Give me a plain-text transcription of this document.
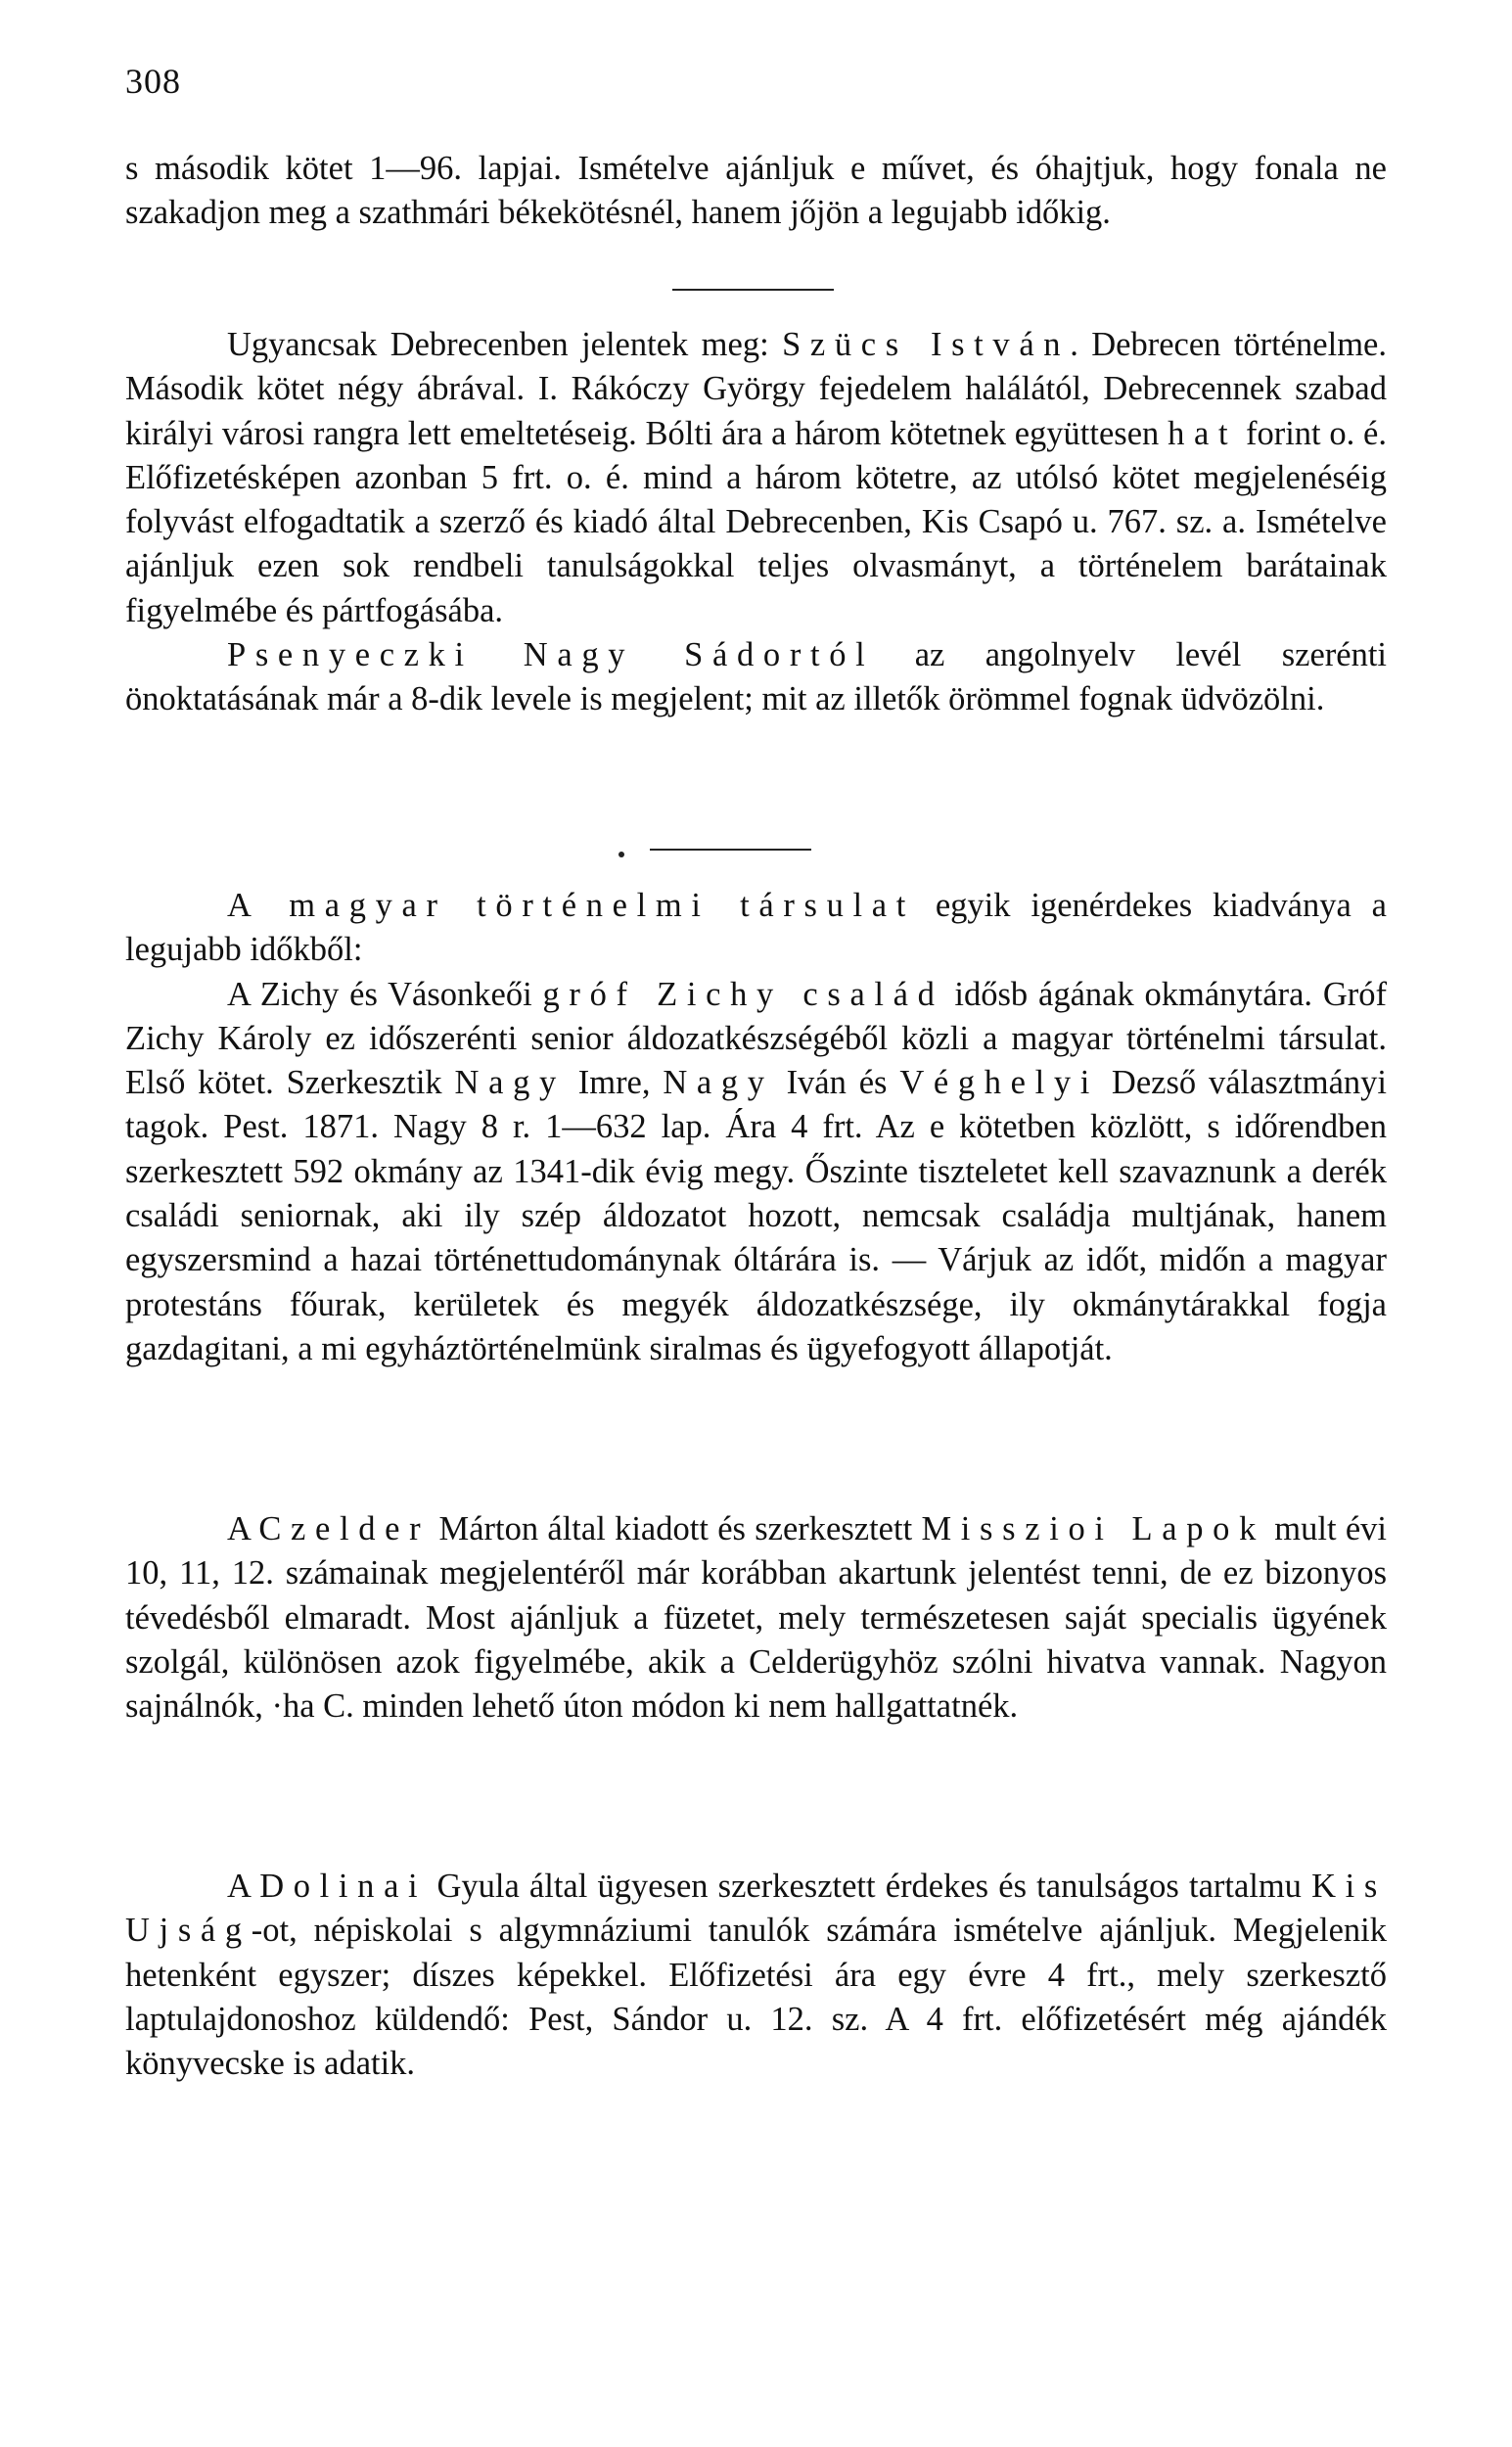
308

s második kötet 1—96. lapjai. Ismételve ajánljuk e művet, és óhajtjuk, hogy fonala ne szakadjon meg a szathmári békekötésnél, hanem jőjön a legujabb időkig.

Ugyancsak Debrecenben jelentek meg: Szücs István. Debrecen történelme. Második kötet négy ábrával. I. Rákóczy György fejedelem halálától, Debrecennek szabad királyi városi rangra lett emeltetéseig. Bólti ára a három kötetnek együttesen hat forint o. é. Előfizetésképen azonban 5 frt. o. é. mind a három kötetre, az utólsó kötet megjelenéséig folyvást elfogadtatik a szerző és kiadó által Debrecenben, Kis Csapó u. 767. sz. a. Ismételve ajánljuk ezen sok rendbeli tanulságokkal teljes olvasmányt, a történelem barátainak figyelmébe és pártfogásába.

Psenyeczki Nagy Sádortól az angolnyelv levél szerénti önoktatásának már a 8-dik levele is megjelent; mit az illetők örömmel fognak üdvözölni.

A magyar történelmi társulat egyik igenérdekes kiadványa a legujabb időkből:

A Zichy és Vásonkeői gróf Zichy család idősb ágának okmánytára. Gróf Zichy Károly ez időszerénti senior áldozatkészségéből közli a magyar történelmi társulat. Első kötet. Szerkesztik Nagy Imre, Nagy Iván és Véghelyi Dezső választmányi tagok. Pest. 1871. Nagy 8 r. 1—632 lap. Ára 4 frt. Az e kötetben közlött, s időrendben szerkesztett 592 okmány az 1341-dik évig megy. Őszinte tiszteletet kell szavaznunk a derék családi seniornak, aki ily szép áldozatot hozott, nemcsak családja multjának, hanem egyszersmind a hazai történettudománynak óltárára is. — Várjuk az időt, midőn a magyar protestáns főurak, kerületek és megyék áldozatkészsége, ily okmánytárakkal fogja gazdagitani, a mi egyháztörténelmünk siralmas és ügyefogyott állapotját.

A Czelder Márton által kiadott és szerkesztett Misszioi Lapok mult évi 10, 11, 12. számainak megjelentéről már korábban akartunk jelentést tenni, de ez bizonyos tévedésből elmaradt. Most ajánljuk a füzetet, mely természetesen saját specialis ügyének szolgál, különösen azok figyelmébe, akik a Celderügyhöz szólni hivatva vannak. Nagyon sajnálnók, ·ha C. minden lehető úton módon ki nem hallgattatnék.

A Dolinai Gyula által ügyesen szerkesztett érdekes és tanulságos tartalmu Kis Ujság-ot, népiskolai s algymnáziumi tanulók számára ismételve ajánljuk. Megjelenik hetenként egyszer; díszes képekkel. Előfizetési ára egy évre 4 frt., mely szerkesztő laptulajdonoshoz küldendő: Pest, Sándor u. 12. sz. A 4 frt. előfizetésért még ajándék könyvecske is adatik.
